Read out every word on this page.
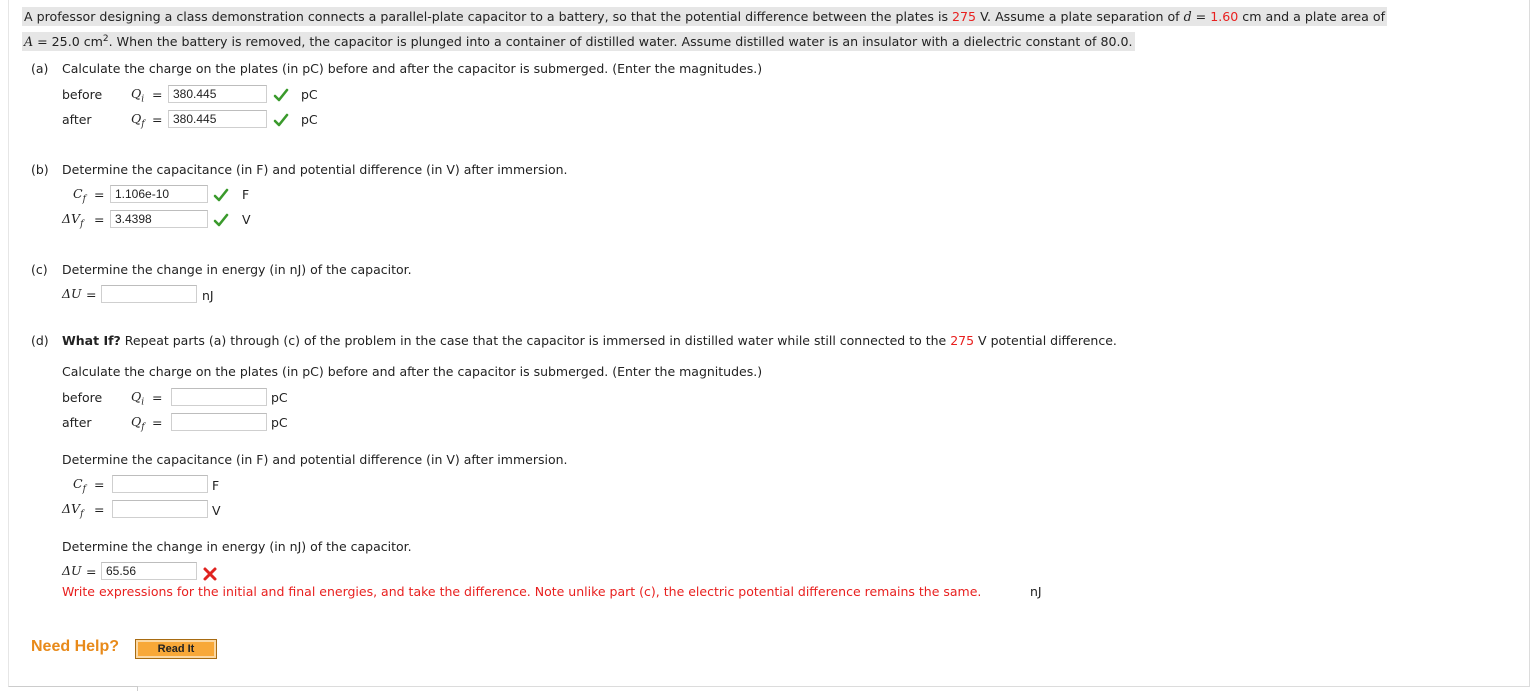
A professor designing a class demonstration connects a parallel-plate capacitor to a battery, so that the potential difference between the plates is 275 V. Assume a plate separation of d = 1.60 cm and a plate area of
A = 25.0 $cm^2$. When the battery is removed, the capacitor is plunged into a container of distilled water. Assume distilled water is an insulator with a dielectric constant of 80.0.
(a) Calculate the charge on the plates (in pC) before and after the capacitor is submerged. (Enter the magnitudes.)
before $Q_i$ =
380.445	pC
after	$Q_f$ =
380.445	pC
(b) Determine the capacitance (in F) and potential difference (in V) after immersion.
$C_f$ =
1.106e-10	F
$\Delta V_f$ =
3.4398	V
(c) Determine the change in energy (in nJ) of the capacitor.
ΔU =	nJ
(d) What If? Repeat parts (a) through (c) of the problem in the case that the capacitor is immersed in distilled water while still connected to the 275 V potential difference.
Calculate the charge on the plates (in pC) before and after the capacitor is submerged. (Enter the magnitudes.)
before $Q_i$ =	pC
after	$Q_f$ =	pC
Determine the capacitance (in F) and potential difference (in V) after immersion.
$C_f$ =	F
$\Delta V_f$ =	V
Determine the change in energy (in nJ) of the capacitor.
ΔU =
65.56
Write expressions for the initial and final energies, and take the difference. Note unlike part (c), the electric potential difference remains the same.	nJ
Need Help?	Read It
